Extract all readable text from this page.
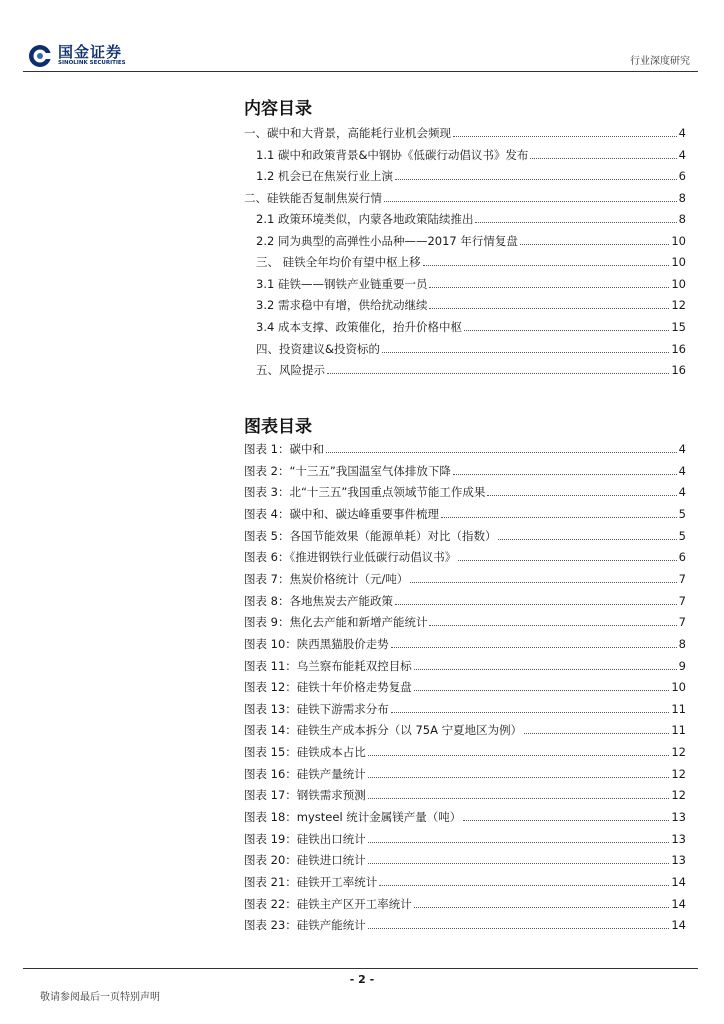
国金证券
SINOLINK SECURITIES	行业深度研究
内容目录
一、碳中和大背景，高能耗行业机会频现	4
1.1 碳中和政策背景&中钢协《低碳行动倡议书》发布	4
1.2 机会已在焦炭行业上演	6
二、硅铁能否复制焦炭行情	8
2.1 政策环境类似，内蒙各地政策陆续推出	8
2.2 同为典型的高弹性小品种——2017 年行情复盘	10
三、 硅铁全年均价有望中枢上移	10
3.1 硅铁——钢铁产业链重要一员	10
3.2 需求稳中有增，供给扰动继续	12
3.4 成本支撑、政策催化，抬升价格中枢	15
四、投资建议&投资标的	16
五、风险提示	16
图表目录
图表 1：碳中和	4
图表 2：“十三五”我国温室气体排放下降	4
图表 3：北“十三五”我国重点领域节能工作成果	4
图表 4：碳中和、碳达峰重要事件梳理	5
图表 5：各国节能效果（能源单耗）对比（指数）	5
图表 6：《推进钢铁行业低碳行动倡议书》	6
图表 7：焦炭价格统计（元/吨）	7
图表 8：各地焦炭去产能政策	7
图表 9：焦化去产能和新增产能统计	7
图表 10：陕西黑猫股价走势	8
图表 11：乌兰察布能耗双控目标	9
图表 12：硅铁十年价格走势复盘	10
图表 13：硅铁下游需求分布	11
图表 14：硅铁生产成本拆分（以 75A 宁夏地区为例）	11
图表 15：硅铁成本占比	12
图表 16：硅铁产量统计	12
图表 17：钢铁需求预测	12
图表 18：mysteel 统计金属镁产量（吨）	13
图表 19：硅铁出口统计	13
图表 20：硅铁进口统计	13
图表 21：硅铁开工率统计	14
图表 22：硅铁主产区开工率统计	14
图表 23：硅铁产能统计	14
- 2 -
敬请参阅最后一页特别声明
